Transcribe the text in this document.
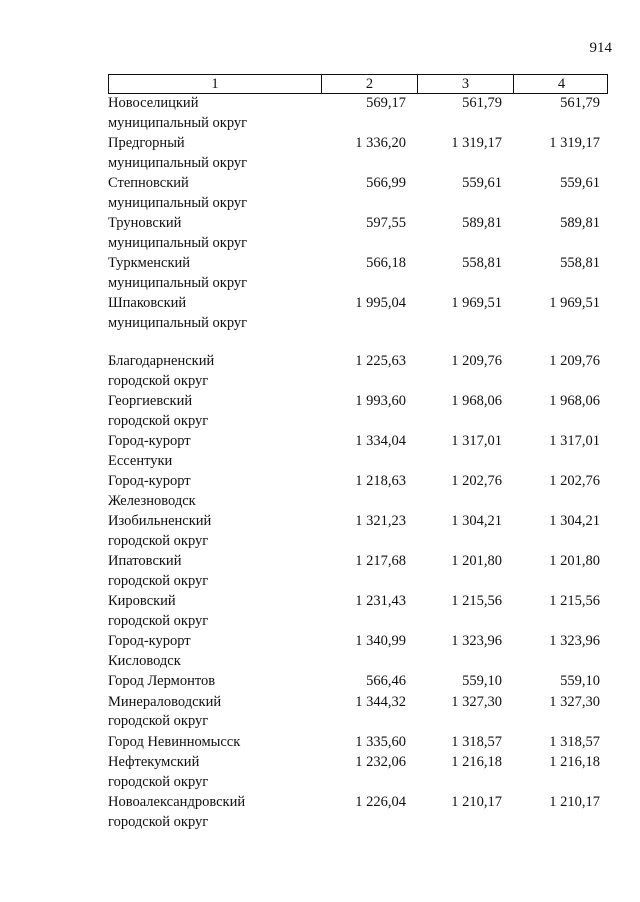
914
1	2	3	4
Новоселицкий
муниципальный округ
569,17	561,79	561,79
Предгорный
муниципальный округ
1 336,20	1 319,17	1 319,17
Степновский
муниципальный округ
566,99	559,61	559,61
Труновский
муниципальный округ
597,55	589,81	589,81
Туркменский
муниципальный округ
566,18	558,81	558,81
Шпаковский
муниципальный округ
1 995,04	1 969,51	1 969,51
Благодарненский
городской округ
1 225,63	1 209,76	1 209,76
Георгиевский
городской округ
1 993,60	1 968,06	1 968,06
Город-курорт
Ессентуки
1 334,04	1 317,01	1 317,01
Город-курорт
Железноводск
1 218,63	1 202,76	1 202,76
Изобильненский
городской округ
1 321,23	1 304,21	1 304,21
Ипатовский
городской округ
1 217,68	1 201,80	1 201,80
Кировский
городской округ
1 231,43	1 215,56	1 215,56
Город-курорт
Кисловодск
1 340,99	1 323,96	1 323,96
Город Лермонтов	566,46	559,10	559,10
Минераловодский
городской округ
1 344,32	1 327,30	1 327,30
Город Невинномысск	1 335,60	1 318,57	1 318,57
Нефтекумский
городской округ
1 232,06	1 216,18	1 216,18
Новоалександровский
городской округ
1 226,04	1 210,17	1 210,17
